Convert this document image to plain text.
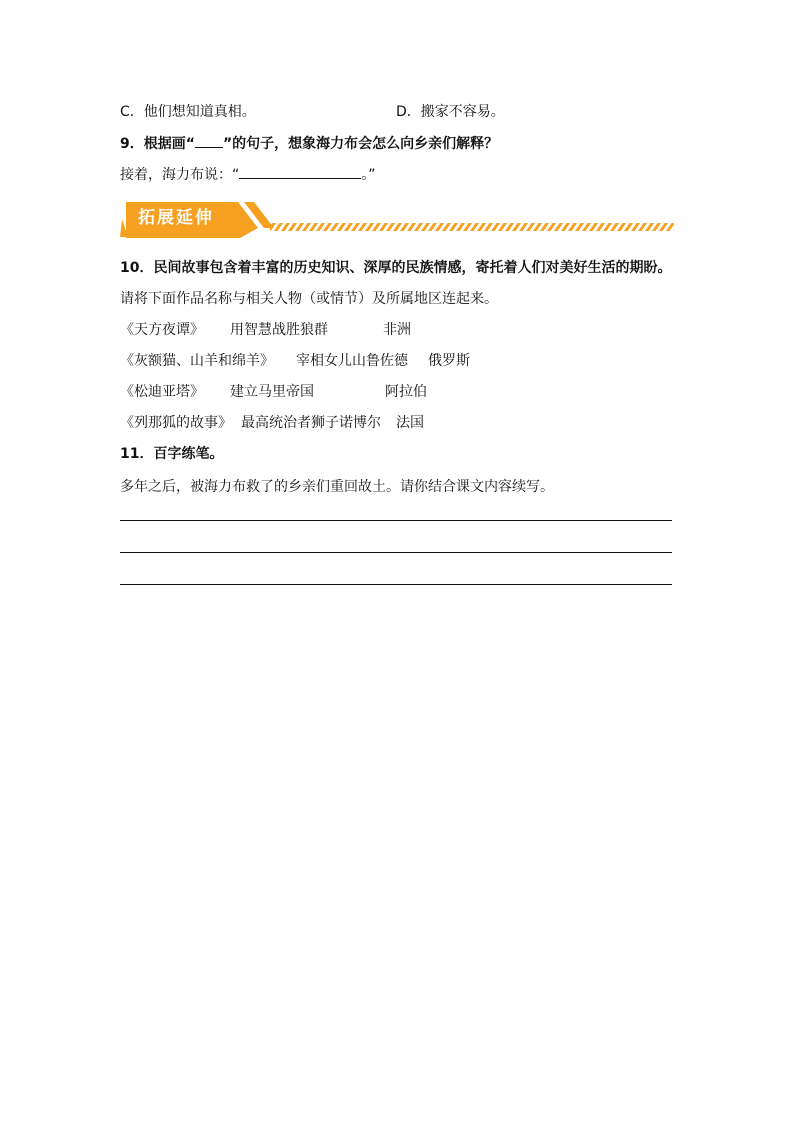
C．他们想知道真相。	D．搬家不容易。
9．根据画“ ”的句子，想象海力布会怎么向乡亲们解释？
接着，海力布说：“	。”
拓展延伸
10．民间故事包含着丰富的历史知识、深厚的民族情感，寄托着人们对美好生活的期盼。
请将下面作品名称与相关人物（或情节）及所属地区连起来。
《天方夜谭》 用智慧战胜狼群	非洲
《灰额猫、山羊和绵羊》 宰相女儿山鲁佐德 俄罗斯
《松迪亚塔》 建立马里帝国	阿拉伯
《列那狐的故事》 最高统治者狮子诺博尔 法国
11．百字练笔。
多年之后，被海力布救了的乡亲们重回故土。请你结合课文内容续写。
